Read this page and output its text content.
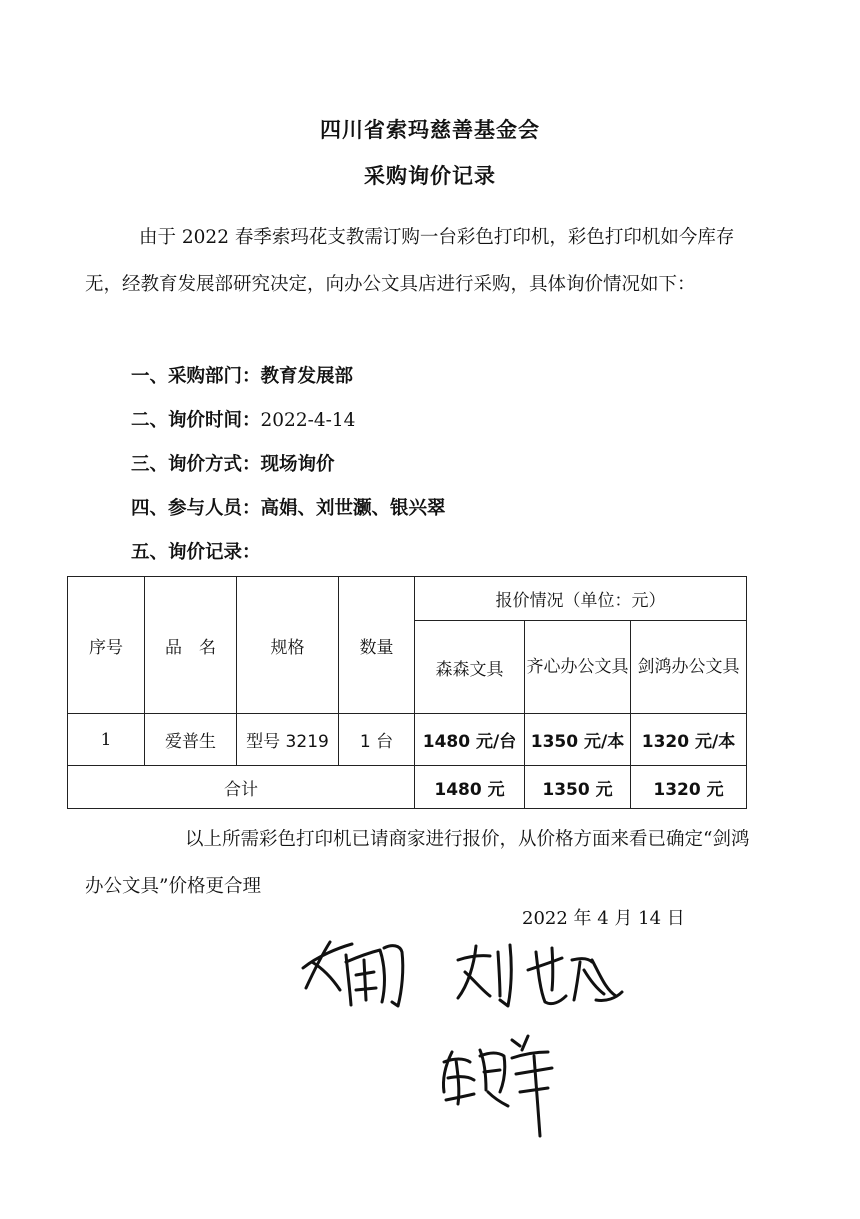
四川省索玛慈善基金会
采购询价记录

由于 2022 春季索玛花支教需订购一台彩色打印机，彩色打印机如今库存无，经教育发展部研究决定，向办公文具店进行采购，具体询价情况如下：

一、采购部门：教育发展部
二、询价时间：2022-4-14
三、询价方式：现场询价
四、参与人员：高娟、刘世灏、银兴翠
五、询价记录：
序号	品　名	规格	数量	报价情况（单位：元）		
				森森文具	齐心办公文具	剑鸿办公文具
1	爱普生	型号 3219	1 台	1480 元/台	1350 元/本	1320 元/本
合计				1480 元	1350 元	1320 元

以上所需彩色打印机已请商家进行报价，从价格方面来看已确定“剑鸿办公文具”价格更合理

2022 年 4 月 14 日
